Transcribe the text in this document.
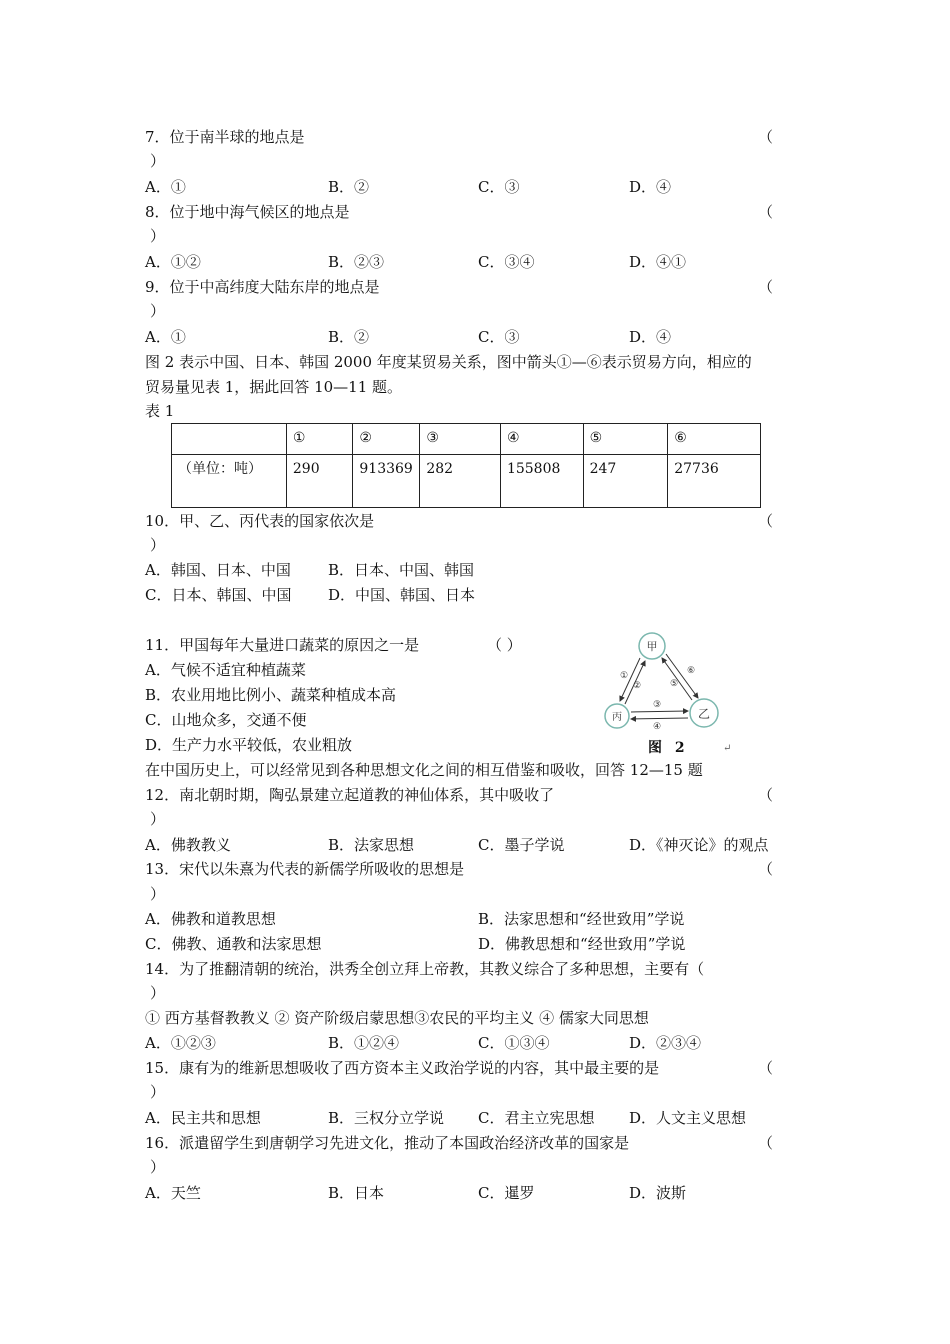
7．位于南半球的地点是	（
）
A．①	B．②	C．③	D．④
8．位于地中海气候区的地点是	（
）
A．①②	B．②③	C．③④	D．④①
9．位于中高纬度大陆东岸的地点是	（
）
A．①	B．②	C．③	D．④
图 2 表示中国、日本、韩国 2000 年度某贸易关系，图中箭头①—⑥表示贸易方向，相应的
贸易量见表 1，据此回答 10—11 题。
表 1
	①	②	③	④	⑤	⑥
（单位：吨）	290	913369	282	155808	247	27736
10．甲、乙、丙代表的国家依次是	（
）
A．韩国、日本、中国 B．日本、中国、韩国
C．日本、韩国、中国 D．中国、韩国、日本
11．甲国每年大量进口蔬菜的原因之一是	（ ）
A．气候不适宜种植蔬菜
B．农业用地比例小、蔬菜种植成本高
C．山地众多，交通不便
D．生产力水平较低，农业粗放
甲
丙	乙
①
②
③
④
⑤
⑥
图 2	↵
在中国历史上，可以经常见到各种思想文化之间的相互借鉴和吸收，回答 12—15 题
12．南北朝时期，陶弘景建立起道教的神仙体系，其中吸收了	（
）
A．佛教教义	B．法家思想	C．墨子学说	D．《神灭论》的观点
13．宋代以朱熹为代表的新儒学所吸收的思想是	（
）
A．佛教和道教思想	B．法家思想和“经世致用”学说
C．佛教、通教和法家思想	D．佛教思想和“经世致用”学说
14．为了推翻清朝的统治，洪秀全创立拜上帝教，其教义综合了多种思想，主要有（
）
① 西方基督教教义 ② 资产阶级启蒙思想③农民的平均主义 ④ 儒家大同思想
A．①②③	B．①②④	C．①③④	D．②③④
15．康有为的维新思想吸收了西方资本主义政治学说的内容，其中最主要的是	（
）
A．民主共和思想	B．三权分立学说 C．君主立宪思想 D．人文主义思想
16．派遣留学生到唐朝学习先进文化，推动了本国政治经济改革的国家是	（
）
A．天竺	B．日本	C．暹罗	D．波斯
